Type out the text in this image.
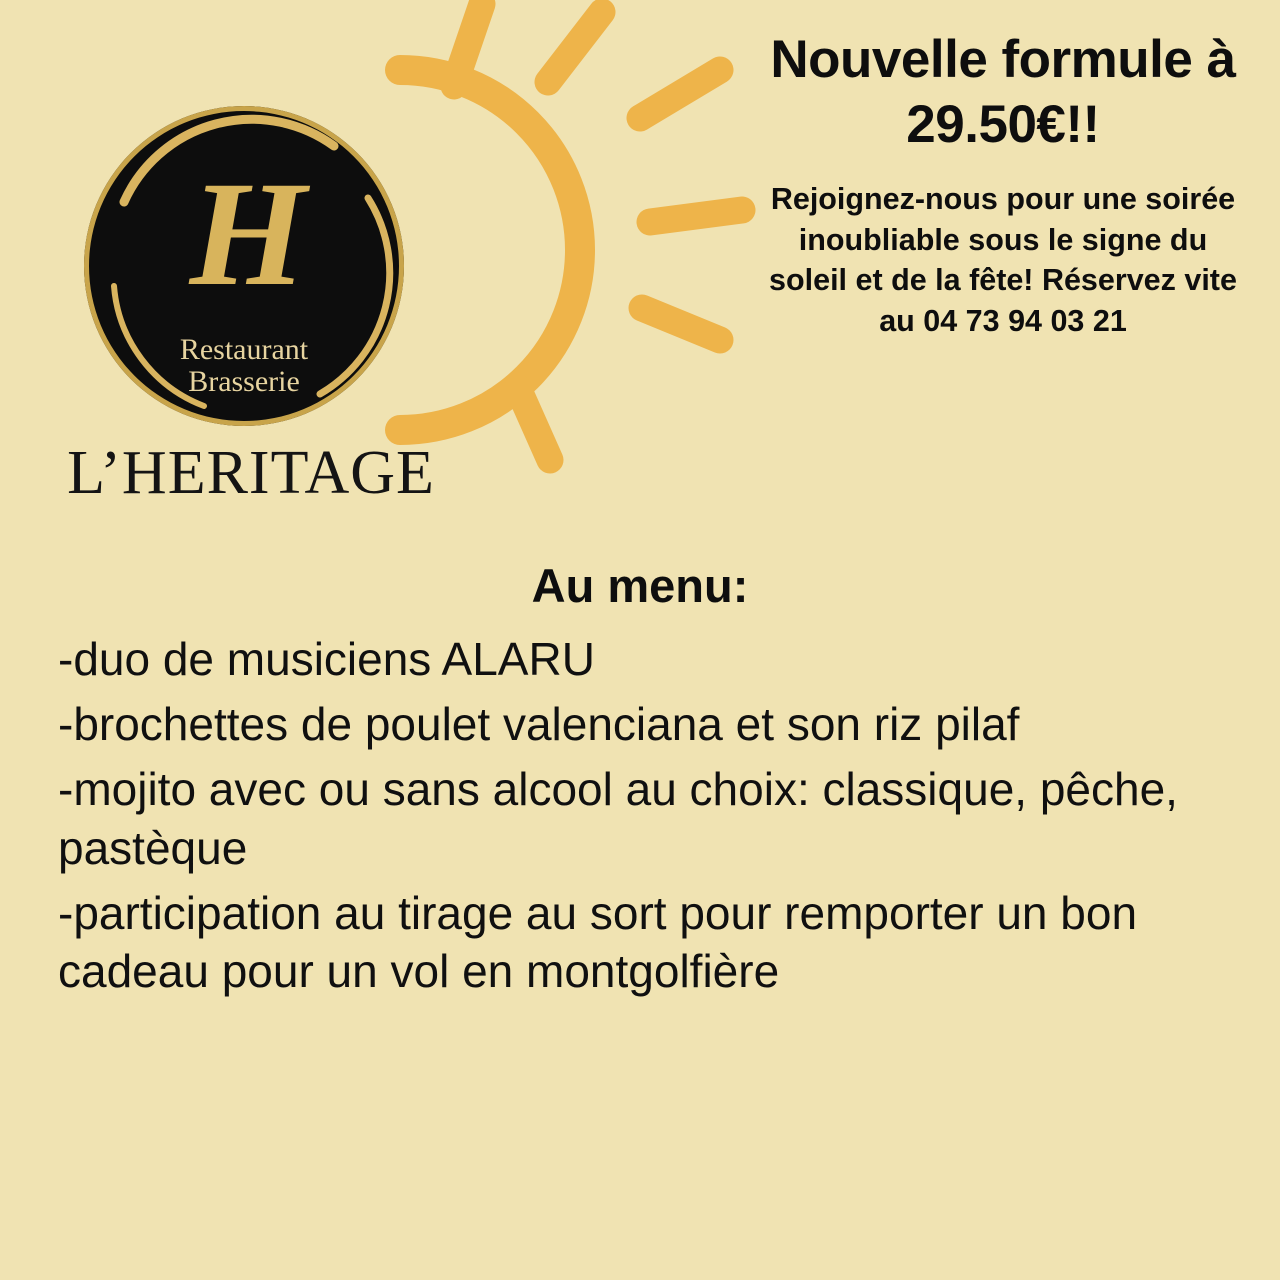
H
Restaurant
Brasserie
L’HERITAGE
Nouvelle formule à 29.50€!!
Rejoignez-nous pour une soirée inoubliable sous le signe du soleil et de la fête! Réservez vite au 04 73 94 03 21
Au menu:
-duo de musiciens ALARU
-brochettes de poulet valenciana et son riz pilaf
-mojito avec ou sans alcool au choix: classique, pêche, pastèque
-participation au tirage au sort pour remporter un bon cadeau pour un vol en montgolfière
